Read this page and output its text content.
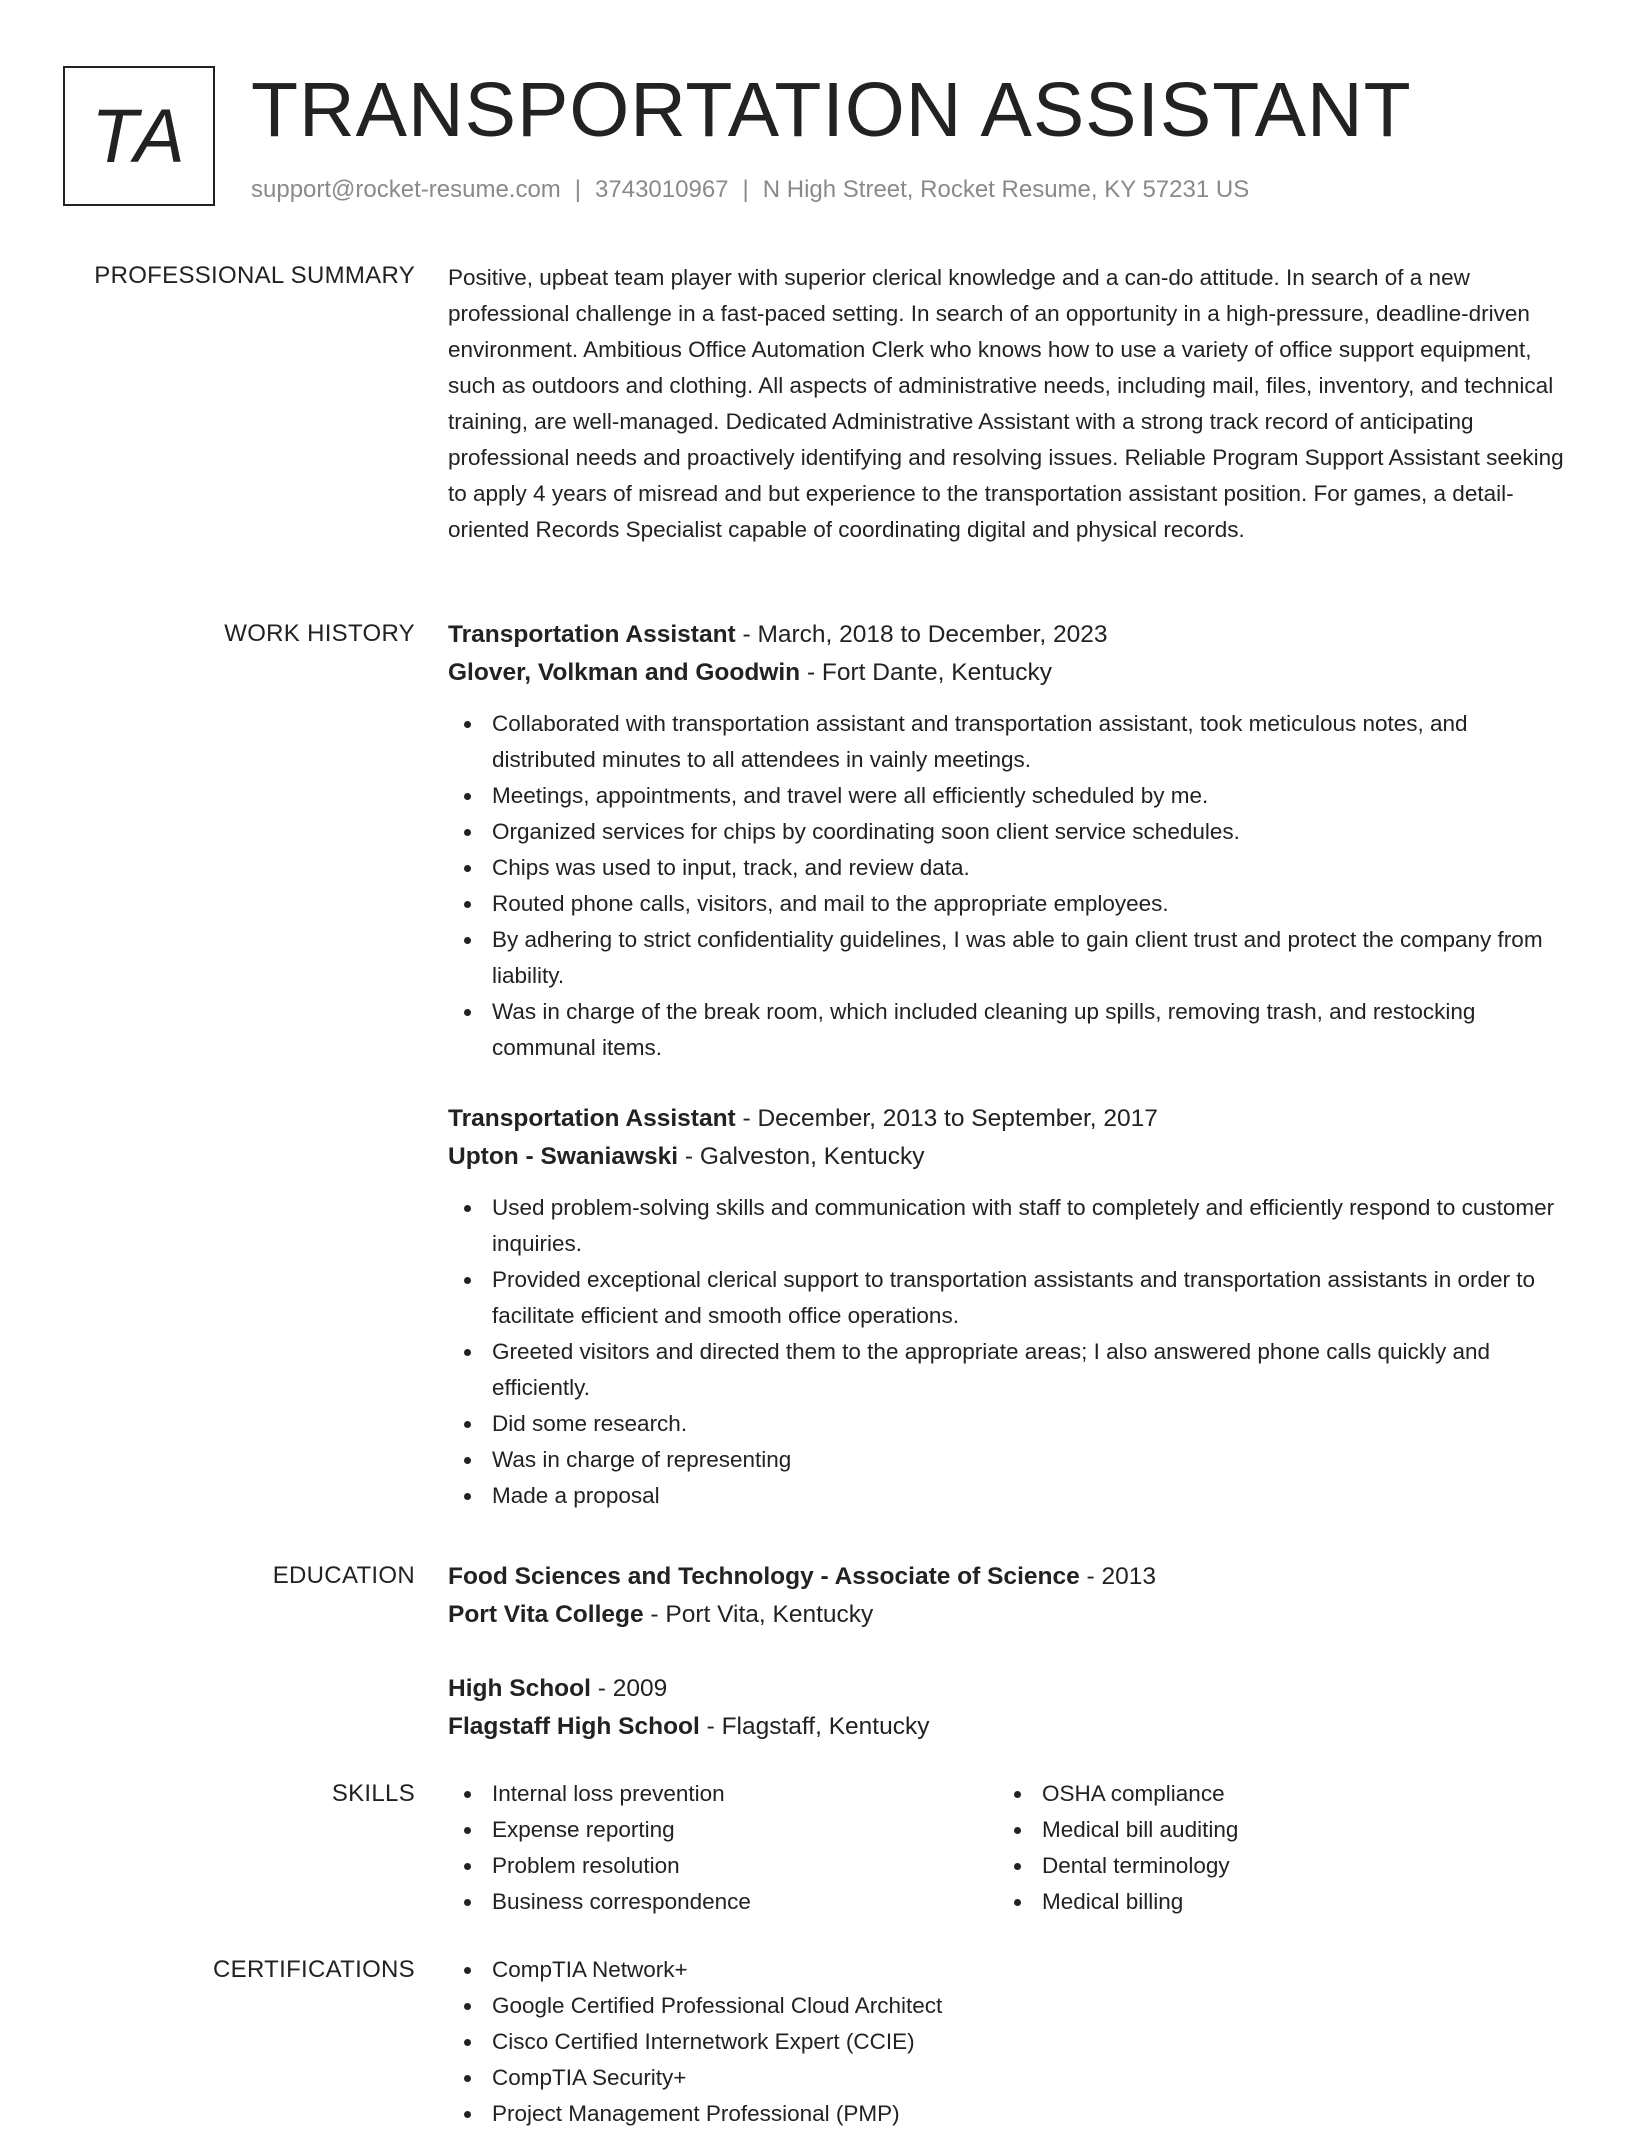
TA TRANSPORTATION ASSISTANT
support@rocket-resume.com | 3743010967 | N High Street, Rocket Resume, KY 57231 US
PROFESSIONAL SUMMARY Positive, upbeat team player with superior clerical knowledge and a can-do attitude. In search of a new professional challenge in a fast-paced setting. In search of an opportunity in a high-pressure, deadline-driven environment. Ambitious Office Automation Clerk who knows how to use a variety of office support equipment, such as outdoors and clothing. All aspects of administrative needs, including mail, files, inventory, and technical training, are well-managed. Dedicated Administrative Assistant with a strong track record of anticipating professional needs and proactively identifying and resolving issues. Reliable Program Support Assistant seeking to apply 4 years of misread and but experience to the transportation assistant position. For games, a detail-oriented Records Specialist capable of coordinating digital and physical records.

WORK HISTORY Transportation Assistant - March, 2018 to December, 2023
Glover, Volkman and Goodwin - Fort Dante, Kentucky
Collaborated with transportation assistant and transportation assistant, took meticulous notes, and distributed minutes to all attendees in vainly meetings.
Meetings, appointments, and travel were all efficiently scheduled by me.
Organized services for chips by coordinating soon client service schedules.
Chips was used to input, track, and review data.
Routed phone calls, visitors, and mail to the appropriate employees.
By adhering to strict confidentiality guidelines, I was able to gain client trust and protect the company from liability.
Was in charge of the break room, which included cleaning up spills, removing trash, and restocking communal items.
Transportation Assistant - December, 2013 to September, 2017
Upton - Swaniawski - Galveston, Kentucky
Used problem-solving skills and communication with staff to completely and efficiently respond to customer inquiries.
Provided exceptional clerical support to transportation assistants and transportation assistants in order to facilitate efficient and smooth office operations.
Greeted visitors and directed them to the appropriate areas; I also answered phone calls quickly and efficiently.
Did some research.
Was in charge of representing
Made a proposal
EDUCATION Food Sciences and Technology - Associate of Science - 2013
Port Vita College - Port Vita, Kentucky
High School - 2009
Flagstaff High School - Flagstaff, Kentucky
SKILLS	Internal loss prevention
Expense reporting
Problem resolution
Business correspondence
OSHA compliance
Medical bill auditing
Dental terminology
Medical billing
CERTIFICATIONS	CompTIA Network+
Google Certified Professional Cloud Architect
Cisco Certified Internetwork Expert (CCIE)
CompTIA Security+
Project Management Professional (PMP)
